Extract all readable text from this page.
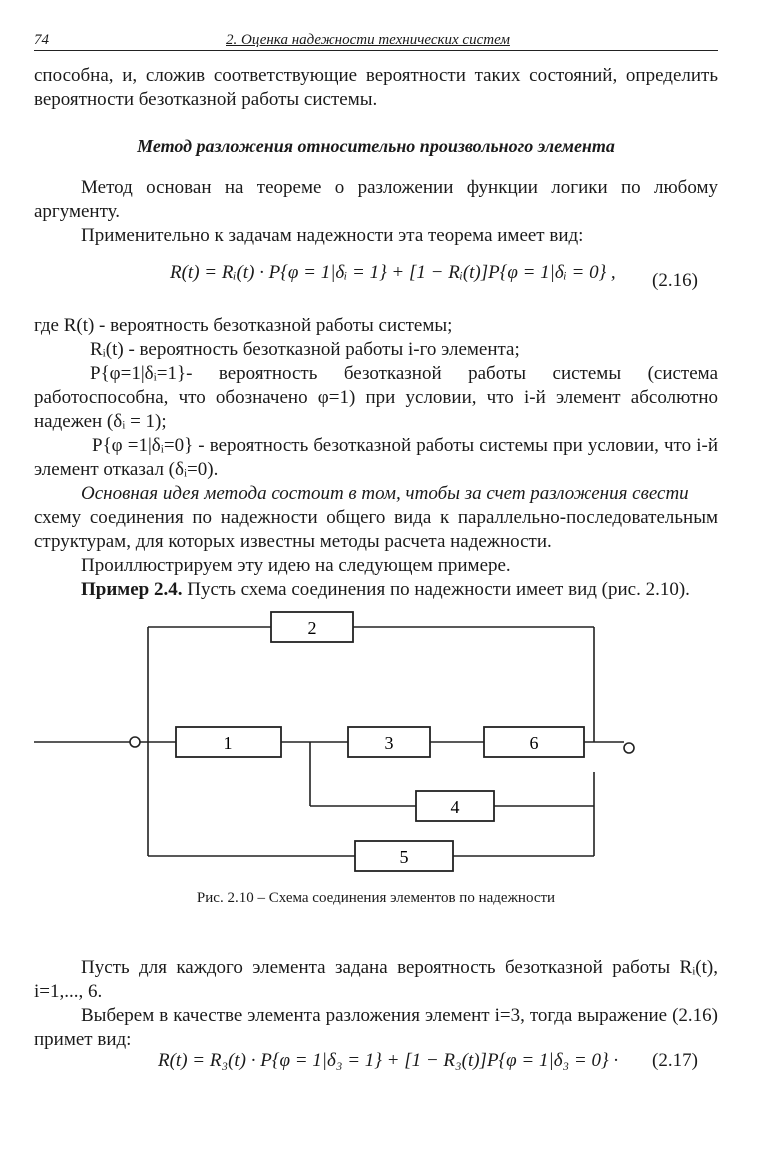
74	2. Оценка надежности технических систем

способна, и, сложив соответствующие вероятности таких состояний, определить вероятности безотказной работы системы.

Метод разложения относительно произвольного элемента

Метод основан на теореме о разложении функции логики по любому аргументу.

Применительно к задачам надежности эта теорема имеет вид:

R(t) = Rᵢ(t) · P{φ = 1|δᵢ = 1} + [1 − Rᵢ(t)]P{φ = 1|δᵢ = 0} , (2.16)

где R(t) - вероятность безотказной работы системы;

Rᵢ(t) - вероятность безотказной работы i-го элемента;

P{φ=1|δᵢ=1}- вероятность безотказной работы системы (система работоспособна, что обозначено φ=1) при условии, что i-й элемент абсолютно надежен (δᵢ = 1);

P{φ =1|δᵢ=0} - вероятность безотказной работы системы при условии, что i-й элемент отказал (δᵢ=0).

Основная идея метода состоит в том, чтобы за счет разложения свести

схему соединения по надежности общего вида к параллельно-последовательным структурам, для которых известны методы расчета надежности.

Проиллюстрируем эту идею на следующем примере.

Пример 2.4. Пусть схема соединения по надежности имеет вид (рис. 2.10).

2
1	3	6
4
5
Рис. 2.10 – Схема соединения элементов по надежности

Пусть для каждого элемента задана вероятность безотказной работы Rᵢ(t), i=1,..., 6.

Выберем в качестве элемента разложения элемент i=3, тогда выражение (2.16) примет вид:

R(t) = R₃(t) · P{φ = 1|δ₃ = 1} + [1 − R₃(t)]P{φ = 1|δ₃ = 0} · (2.17)
